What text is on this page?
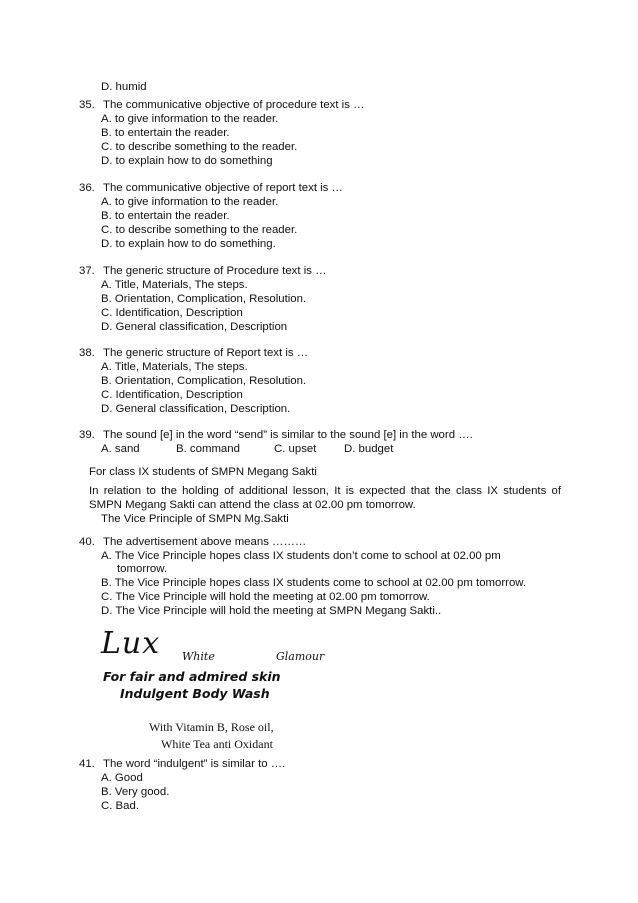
D. humid
35. The communicative objective of procedure text is …
A. to give information to the reader.
B. to entertain the reader.
C. to describe something to the reader.
D. to explain how to do something
36. The communicative objective of report text is …
A. to give information to the reader.
B. to entertain the reader.
C. to describe something to the reader.
D. to explain how to do something.
37. The generic structure of Procedure text is …
A. Title, Materials, The steps.
B. Orientation, Complication, Resolution.
C. Identification, Description
D. General classification, Description
38. The generic structure of Report text is …
A. Title, Materials, The steps.
B. Orientation, Complication, Resolution.
C. Identification, Description
D. General classification, Description.
39. The sound [e] in the word “send” is similar to the sound [e] in the word ….
A. sand	B. command	C. upset D. budget
For class IX students of SMPN Megang Sakti
In relation to the holding of additional lesson, It is expected that the class IX students of
SMPN Megang Sakti can attend the class at 02.00 pm tomorrow.
The Vice Principle of SMPN Mg.Sakti
40. The advertisement above means ………
A. The Vice Principle hopes class IX students don’t come to school at 02.00 pm
tomorrow.
B. The Vice Principle hopes class IX students come to school at 02.00 pm tomorrow.
C. The Vice Principle will hold the meeting at 02.00 pm tomorrow.
D. The Vice Principle will hold the meeting at SMPN Megang Sakti..
Lux White	Glamour
For fair and admired skin
Indulgent Body Wash
With Vitamin B, Rose oil,
White Tea anti Oxidant
41. The word “indulgent” is similar to ….
A. Good
B. Very good.
C. Bad.
